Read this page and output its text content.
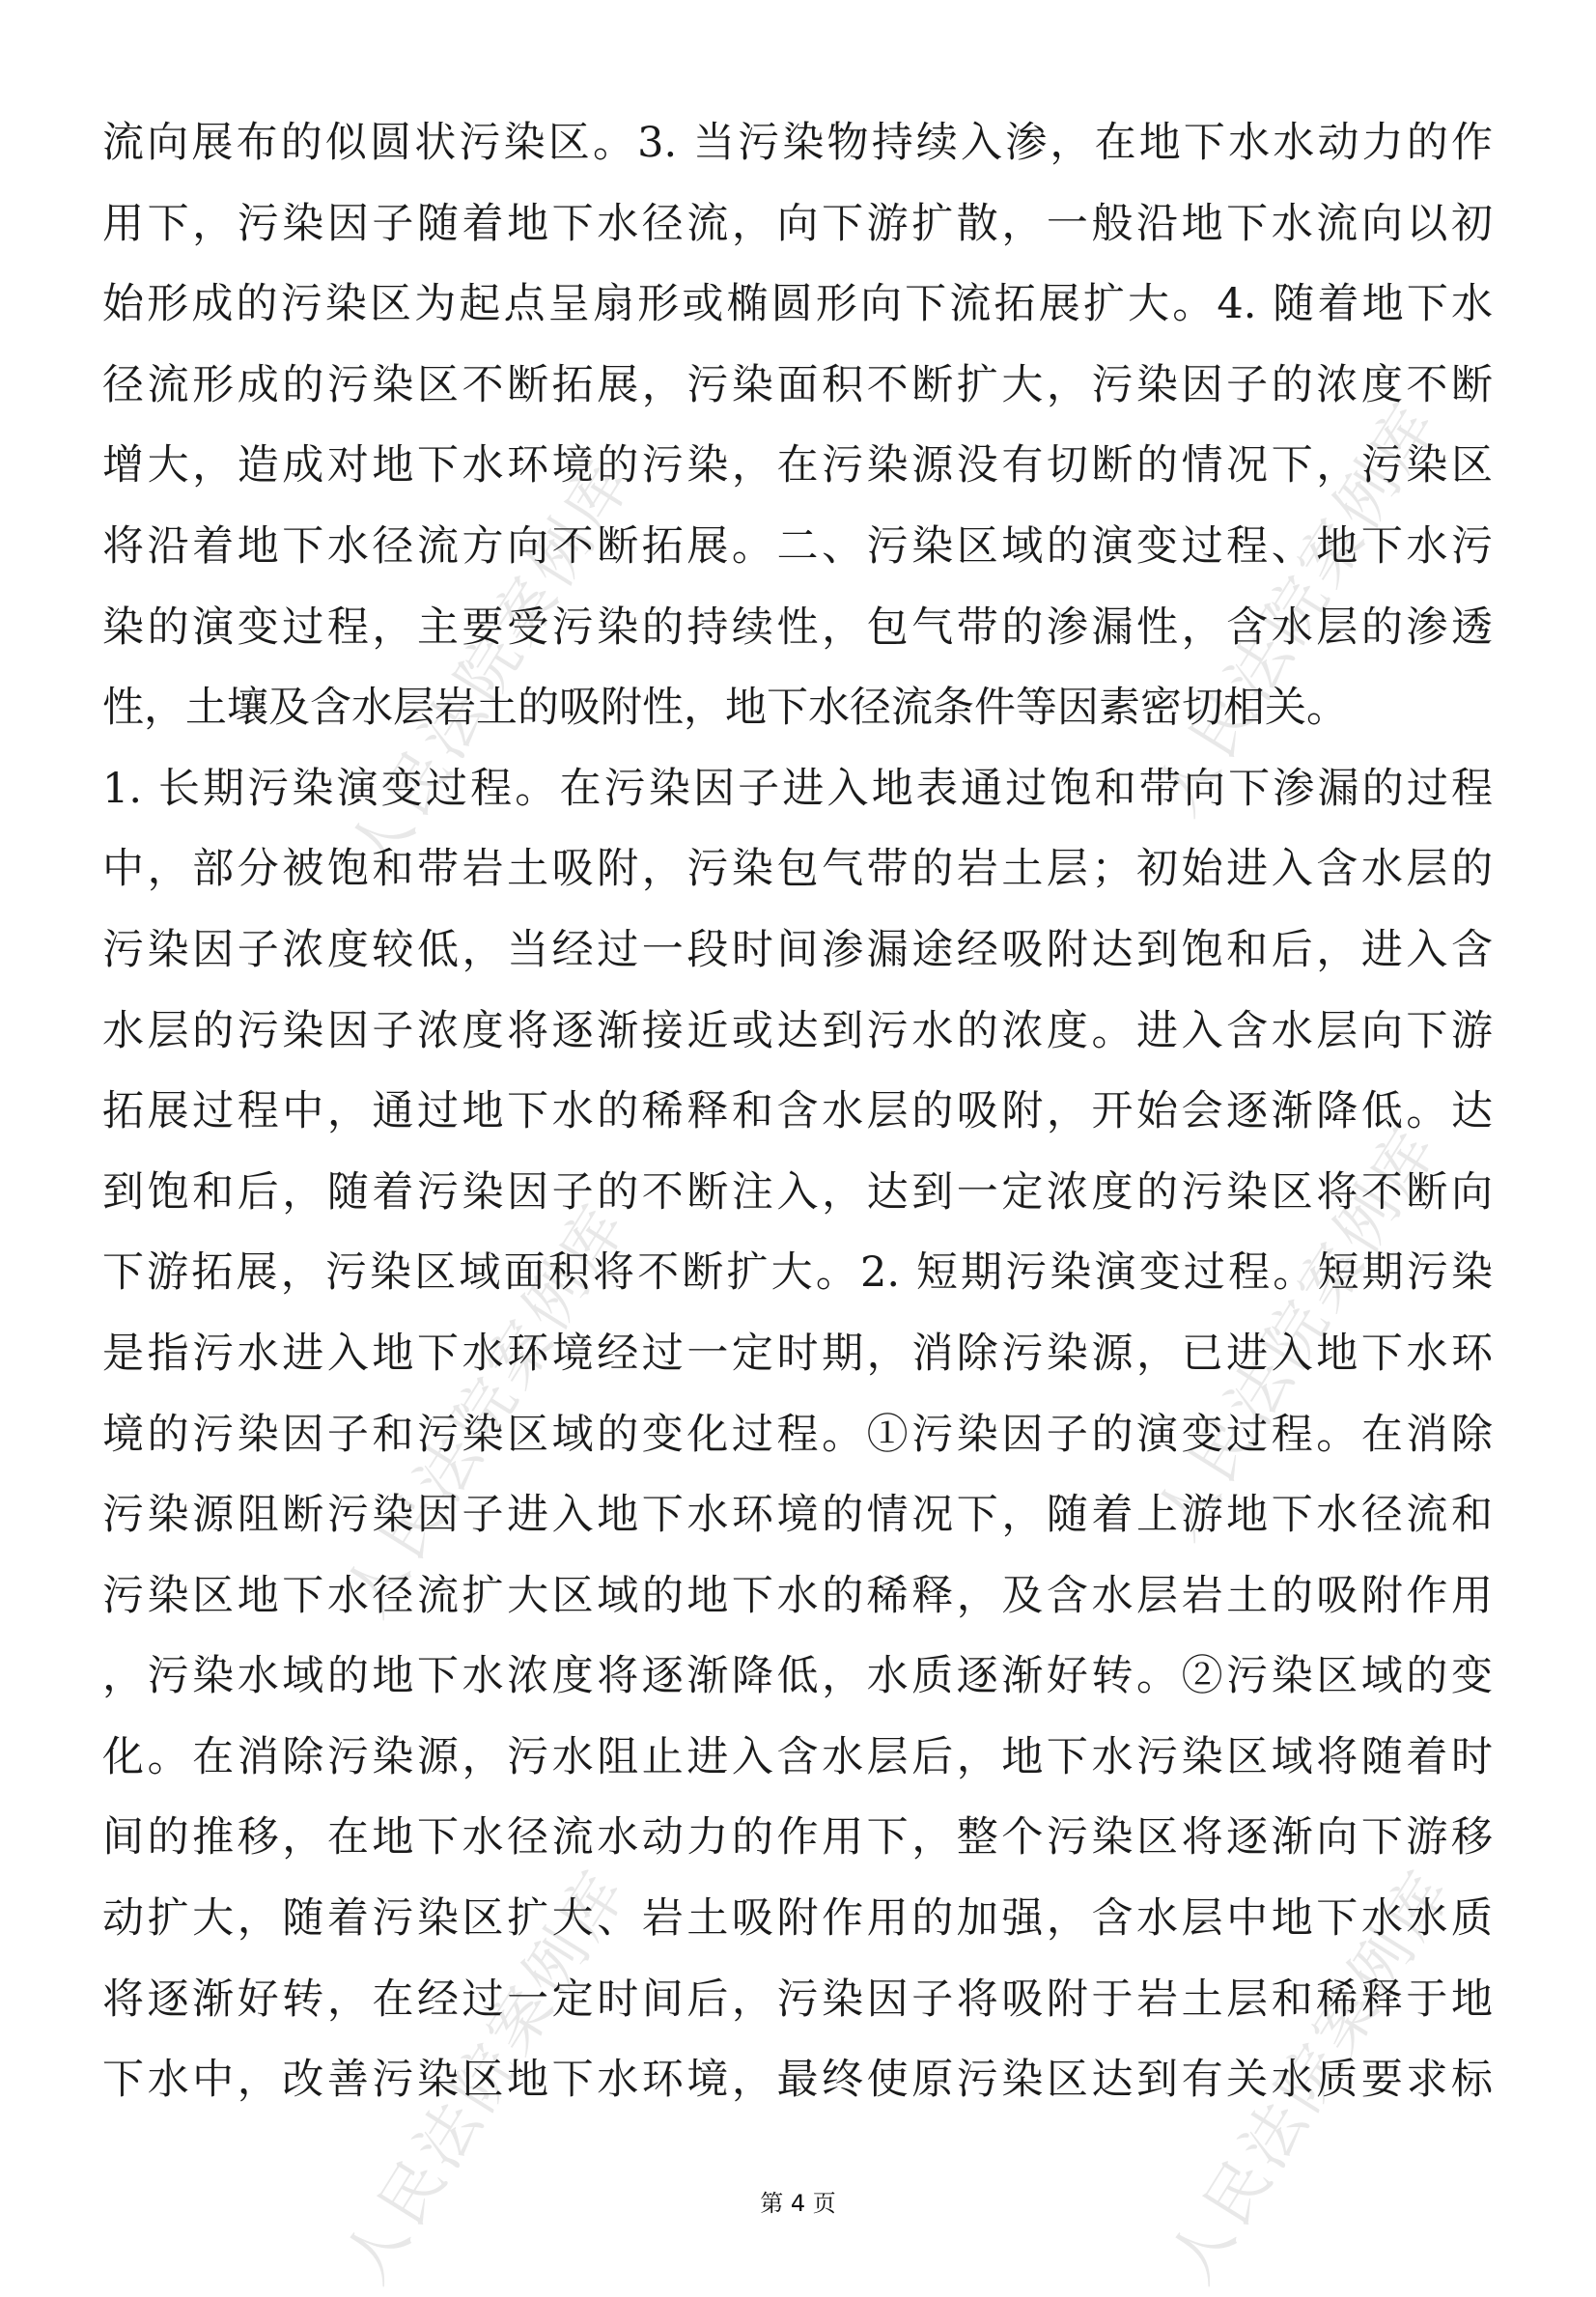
人民法院案例库	人民法院案例库
人民法院案例库	人民法院案例库
人民法院案例库	人民法院案例库
流向展布的似圆状污染区。3. 当污染物持续入渗，在地下水水动力的作
用下，污染因子随着地下水径流，向下游扩散，一般沿地下水流向以初
始形成的污染区为起点呈扇形或椭圆形向下流拓展扩大。4. 随着地下水
径流形成的污染区不断拓展，污染面积不断扩大，污染因子的浓度不断
增大，造成对地下水环境的污染，在污染源没有切断的情况下，污染区
将沿着地下水径流方向不断拓展。二、污染区域的演变过程、地下水污
染的演变过程，主要受污染的持续性，包气带的渗漏性，含水层的渗透
性，土壤及含水层岩土的吸附性，地下水径流条件等因素密切相关。
1. 长期污染演变过程。在污染因子进入地表通过饱和带向下渗漏的过程
中，部分被饱和带岩土吸附，污染包气带的岩土层；初始进入含水层的
污染因子浓度较低，当经过一段时间渗漏途经吸附达到饱和后，进入含
水层的污染因子浓度将逐渐接近或达到污水的浓度。进入含水层向下游
拓展过程中，通过地下水的稀释和含水层的吸附，开始会逐渐降低。达
到饱和后，随着污染因子的不断注入，达到一定浓度的污染区将不断向
下游拓展，污染区域面积将不断扩大。2. 短期污染演变过程。短期污染
是指污水进入地下水环境经过一定时期，消除污染源，已进入地下水环
境的污染因子和污染区域的变化过程。①污染因子的演变过程。在消除
污染源阻断污染因子进入地下水环境的情况下，随着上游地下水径流和
污染区地下水径流扩大区域的地下水的稀释，及含水层岩土的吸附作用
，污染水域的地下水浓度将逐渐降低，水质逐渐好转。②污染区域的变
化。在消除污染源，污水阻止进入含水层后，地下水污染区域将随着时
间的推移，在地下水径流水动力的作用下，整个污染区将逐渐向下游移
动扩大，随着污染区扩大、岩土吸附作用的加强，含水层中地下水水质
将逐渐好转，在经过一定时间后，污染因子将吸附于岩土层和稀释于地
下水中，改善污染区地下水环境，最终使原污染区达到有关水质要求标
第 4 页
